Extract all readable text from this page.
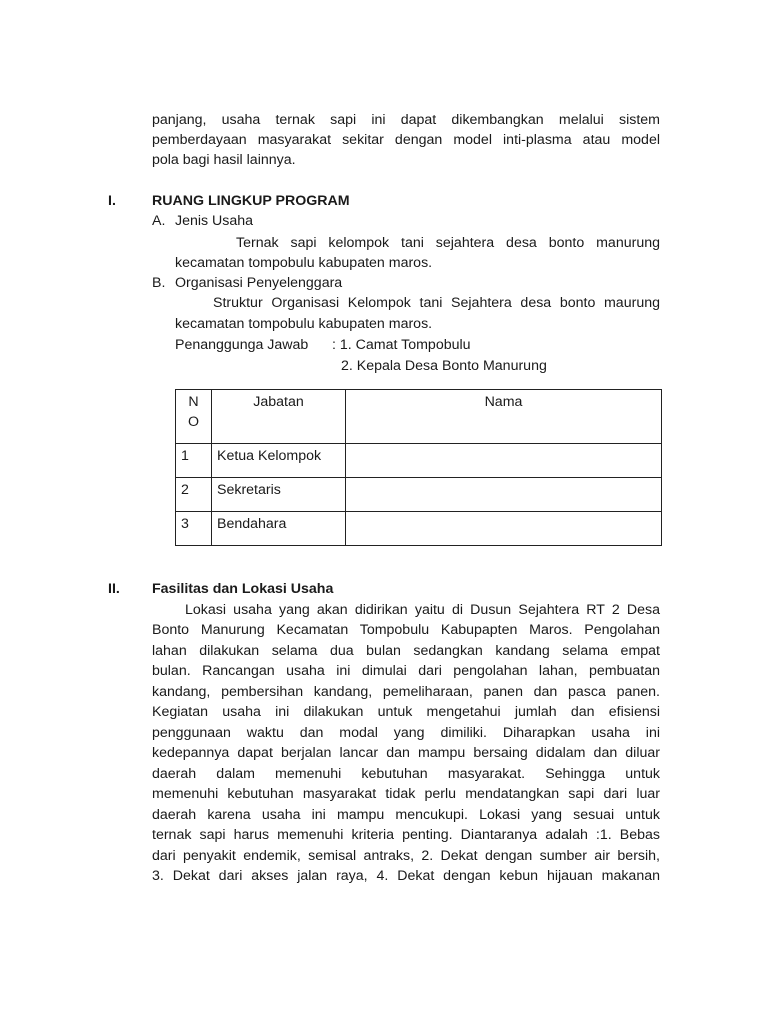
panjang, usaha ternak sapi ini dapat dikembangkan melalui sistem
pemberdayaan masyarakat sekitar dengan model inti-plasma atau model
pola bagi hasil lainnya.
I.	RUANG LINGKUP PROGRAM
A. Jenis Usaha
Ternak sapi kelompok tani sejahtera desa bonto manurung
kecamatan tompobulu kabupaten maros.
B. Organisasi Penyelenggara
Struktur Organisasi Kelompok tani Sejahtera desa bonto maurung
kecamatan tompobulu kabupaten maros.
Penanggunga Jawab : 1. Camat Tompobulu
2. Kepala Desa Bonto Manurung
N
O	Jabatan	Nama
1	Ketua Kelompok	
2	Sekretaris	
3	Bendahara	
II. Fasilitas dan Lokasi Usaha
Lokasi usaha yang akan didirikan yaitu di Dusun Sejahtera RT 2 Desa
Bonto Manurung Kecamatan Tompobulu Kabupapten Maros. Pengolahan
lahan dilakukan selama dua bulan sedangkan kandang selama empat
bulan. Rancangan usaha ini dimulai dari pengolahan lahan, pembuatan
kandang, pembersihan kandang, pemeliharaan, panen dan pasca panen.
Kegiatan usaha ini dilakukan untuk mengetahui jumlah dan efisiensi
penggunaan waktu dan modal yang dimiliki. Diharapkan usaha ini
kedepannya dapat berjalan lancar dan mampu bersaing didalam dan diluar
daerah dalam memenuhi kebutuhan masyarakat. Sehingga untuk
memenuhi kebutuhan masyarakat tidak perlu mendatangkan sapi dari luar
daerah karena usaha ini mampu mencukupi. Lokasi yang sesuai untuk
ternak sapi harus memenuhi kriteria penting. Diantaranya adalah :1. Bebas
dari penyakit endemik, semisal antraks, 2. Dekat dengan sumber air bersih,
3. Dekat dari akses jalan raya, 4. Dekat dengan kebun hijauan makanan
